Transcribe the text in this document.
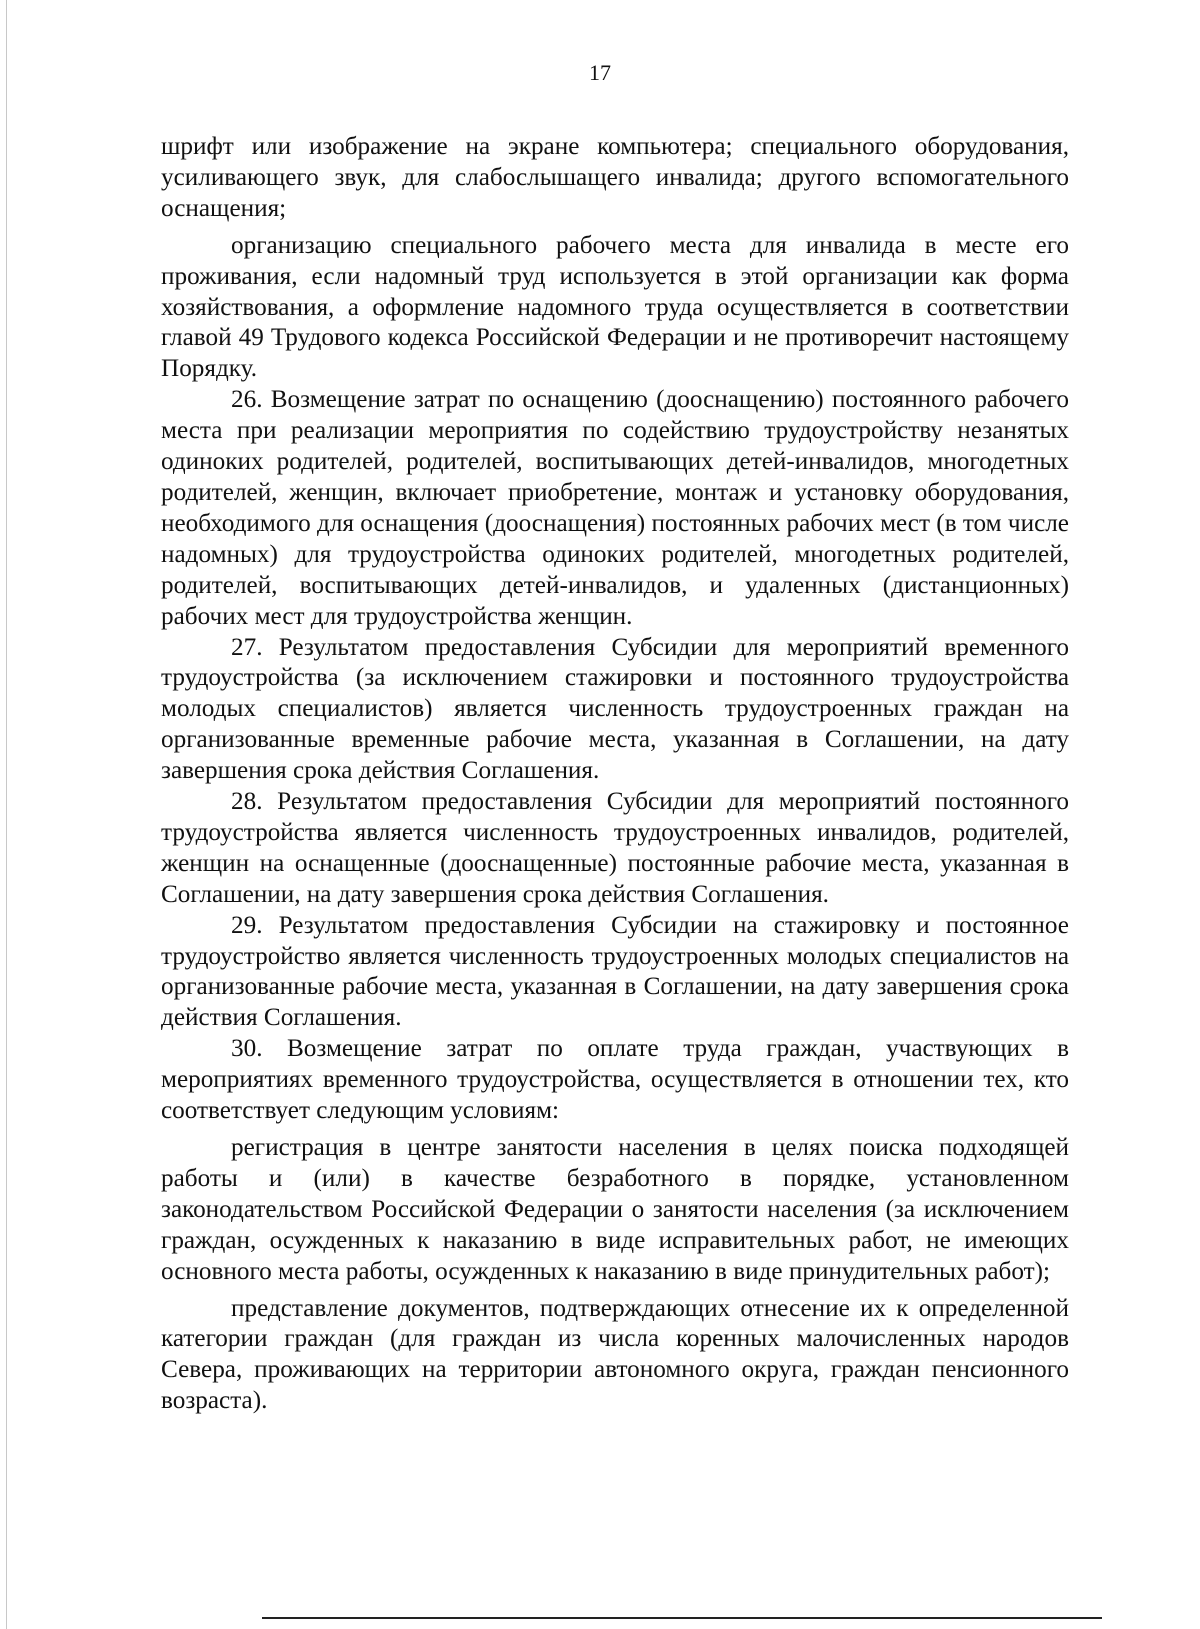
17

шрифт или изображение на экране компьютера; специального оборудования, усиливающего звук, для слабослышащего инвалида; другого вспомогательного оснащения;

организацию специального рабочего места для инвалида в месте его проживания, если надомный труд используется в этой организации как форма хозяйствования, а оформление надомного труда осуществляется в соответствии главой 49 Трудового кодекса Российской Федерации и не противоречит настоящему Порядку.

26. Возмещение затрат по оснащению (дооснащению) постоянного рабочего места при реализации мероприятия по содействию трудоустройству незанятых одиноких родителей, родителей, воспитывающих детей-инвалидов, многодетных родителей, женщин, включает приобретение, монтаж и установку оборудования, необходимого для оснащения (дооснащения) постоянных рабочих мест (в том числе надомных) для трудоустройства одиноких родителей, многодетных родителей, родителей, воспитывающих детей-инвалидов, и удаленных (дистанционных) рабочих мест для трудоустройства женщин.

27. Результатом предоставления Субсидии для мероприятий временного трудоустройства (за исключением стажировки и постоянного трудоустройства молодых специалистов) является численность трудоустроенных граждан на организованные временные рабочие места, указанная в Соглашении, на дату завершения срока действия Соглашения.

28. Результатом предоставления Субсидии для мероприятий постоянного трудоустройства является численность трудоустроенных инвалидов, родителей, женщин на оснащенные (дооснащенные) постоянные рабочие места, указанная в Соглашении, на дату завершения срока действия Соглашения.

29. Результатом предоставления Субсидии на стажировку и постоянное трудоустройство является численность трудоустроенных молодых специалистов на организованные рабочие места, указанная в Соглашении, на дату завершения срока действия Соглашения.

30. Возмещение затрат по оплате труда граждан, участвующих в мероприятиях временного трудоустройства, осуществляется в отношении тех, кто соответствует следующим условиям:

регистрация в центре занятости населения в целях поиска подходящей работы и (или) в качестве безработного в порядке, установленном законодательством Российской Федерации о занятости населения (за исключением граждан, осужденных к наказанию в виде исправительных работ, не имеющих основного места работы, осужденных к наказанию в виде принудительных работ);

представление документов, подтверждающих отнесение их к определенной категории граждан (для граждан из числа коренных малочисленных народов Севера, проживающих на территории автономного округа, граждан пенсионного возраста).
